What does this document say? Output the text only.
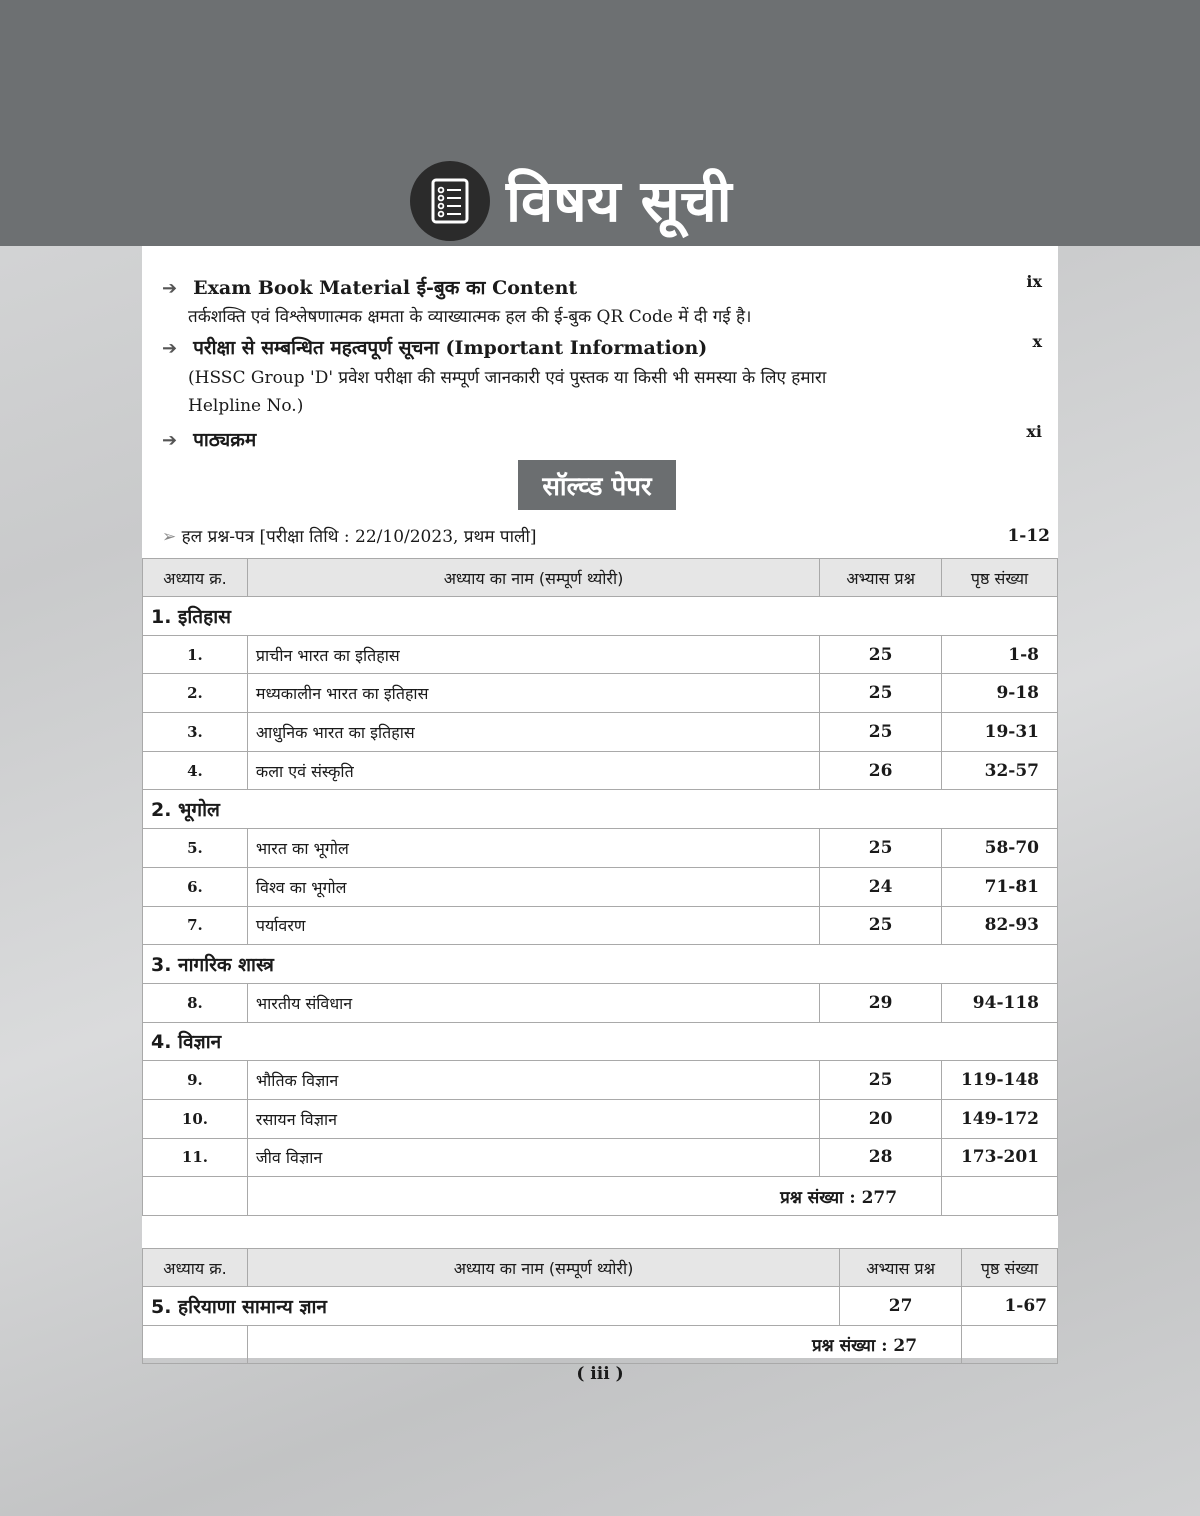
विषय सूची
➔ Exam Book Material ई-बुक का Content	ix
तर्कशक्ति एवं विश्लेषणात्मक क्षमता के व्याख्यात्मक हल की ई-बुक QR Code में दी गई है।
➔ परीक्षा से सम्बन्धित महत्वपूर्ण सूचना (Important Information)	x
(HSSC Group 'D' प्रवेश परीक्षा की सम्पूर्ण जानकारी एवं पुस्तक या किसी भी समस्या के लिए हमारा
Helpline No.)
➔ पाठ्यक्रम	xi
सॉल्व्ड पेपर
➢ हल प्रश्न-पत्र [परीक्षा तिथि : 22/10/2023, प्रथम पाली]	1-12
अध्याय क्र.	अध्याय का नाम (सम्पूर्ण थ्योरी)	अभ्यास प्रश्न	पृष्ठ संख्या
1. इतिहास			
1.	प्राचीन भारत का इतिहास	25	1-8
2.	मध्यकालीन भारत का इतिहास	25	9-18
3.	आधुनिक भारत का इतिहास	25	19-31
4.	कला एवं संस्कृति	26	32-57
2. भूगोल			
5.	भारत का भूगोल	25	58-70
6.	विश्व का भूगोल	24	71-81
7.	पर्यावरण	25	82-93
3. नागरिक शास्त्र			
8.	भारतीय संविधान	29	94-118
4. विज्ञान			
9.	भौतिक विज्ञान	25	119-148
10.	रसायन विज्ञान	20	149-172
11.	जीव विज्ञान	28	173-201
	प्रश्न संख्या : 277		
अध्याय क्र.	अध्याय का नाम (सम्पूर्ण थ्योरी)	अभ्यास प्रश्न	पृष्ठ संख्या
5. हरियाणा सामान्य ज्ञान		27	1-67
	प्रश्न संख्या : 27		
( iii )
